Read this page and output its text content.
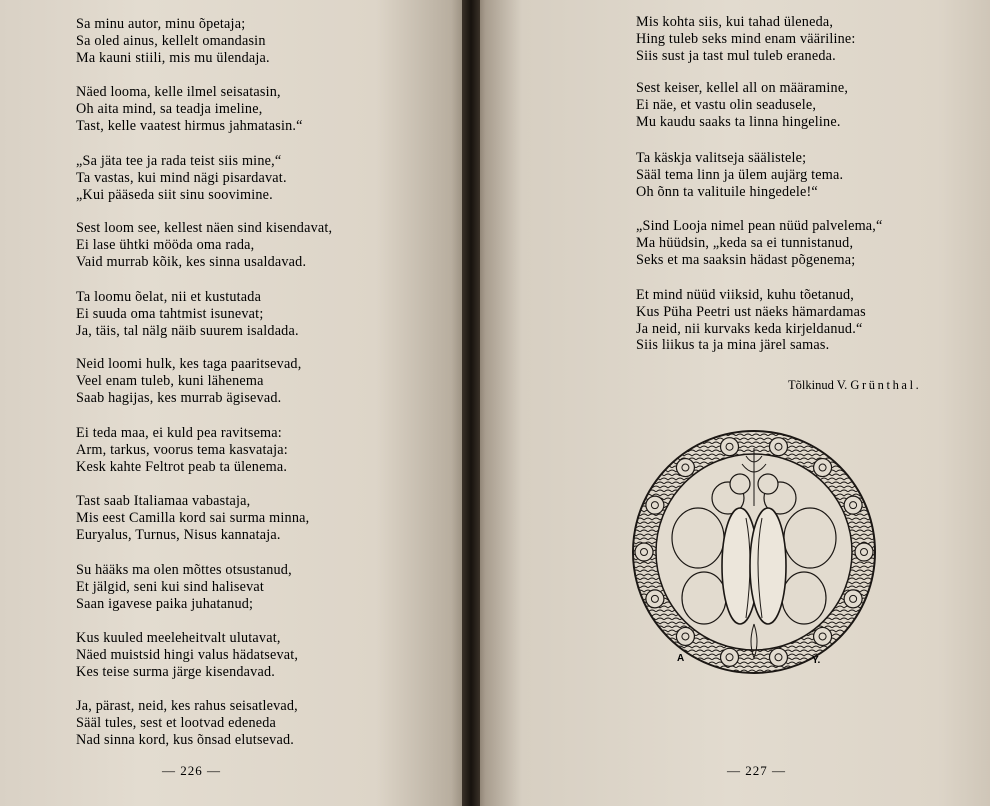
Sa minu autor, minu õpetaja;
Sa oled ainus, kellelt omandasin
Ma kauni stiili, mis mu ülendaja.
Näed looma, kelle ilmel seisatasin,
Oh aita mind, sa teadja imeline,
Tast, kelle vaatest hirmus jahmatasin.“
„Sa jäta tee ja rada teist siis mine,“
Ta vastas, kui mind nägi pisardavat.
„Kui pääseda siit sinu soovimine.
Sest loom see, kellest näen sind kisendavat,
Ei lase ühtki mööda oma rada,
Vaid murrab kõik, kes sinna usaldavad.
Ta loomu õelat, nii et kustutada
Ei suuda oma tahtmist isunevat;
Ja, täis, tal nälg näib suurem isaldada.
Neid loomi hulk, kes taga paaritsevad,
Veel enam tuleb, kuni lähenema
Saab hagijas, kes murrab ägisevad.
Ei teda maa, ei kuld pea ravitsema:
Arm, tarkus, voorus tema kasvataja:
Kesk kahte Feltrot peab ta ülenema.
Tast saab Italiamaa vabastaja,
Mis eest Camilla kord sai surma minna,
Euryalus, Turnus, Nisus kannataja.
Su hääks ma olen mõttes otsustanud,
Et jälgid, seni kui sind halisevat
Saan igavese paika juhatanud;
Kus kuuled meeleheitvalt ulutavat,
Näed muistsid hingi valus hädatsevat,
Kes teise surma järge kisendavad.
Ja, pärast, neid, kes rahus seisatlevad,
Sääl tules, sest et lootvad edeneda
Nad sinna kord, kus õnsad elutsevad.
Mis kohta siis, kui tahad üleneda,
Hing tuleb seks mind enam vääriline:
Siis sust ja tast mul tuleb eraneda.
Sest keiser, kellel all on määramine,
Ei näe, et vastu olin seadusele,
Mu kaudu saaks ta linna hingeline.
Ta käskja valitseja säälistele;
Sääl tema linn ja ülem aujärg tema.
Oh õnn ta valituile hingedele!“
„Sind Looja nimel pean nüüd palvelema,“
Ma hüüdsin, „keda sa ei tunnistanud,
Seks et ma saaksin hädast põgenema;
Et mind nüüd viiksid, kuhu tõetanud,
Kus Püha Peetri ust näeks hämardamas
Ja neid, nii kurvaks keda kirjeldanud.“
Siis liikus ta ja mina järel samas.
— 226 —	— 227 —
Tõlkinud V. Grünthal.
A	Y.
